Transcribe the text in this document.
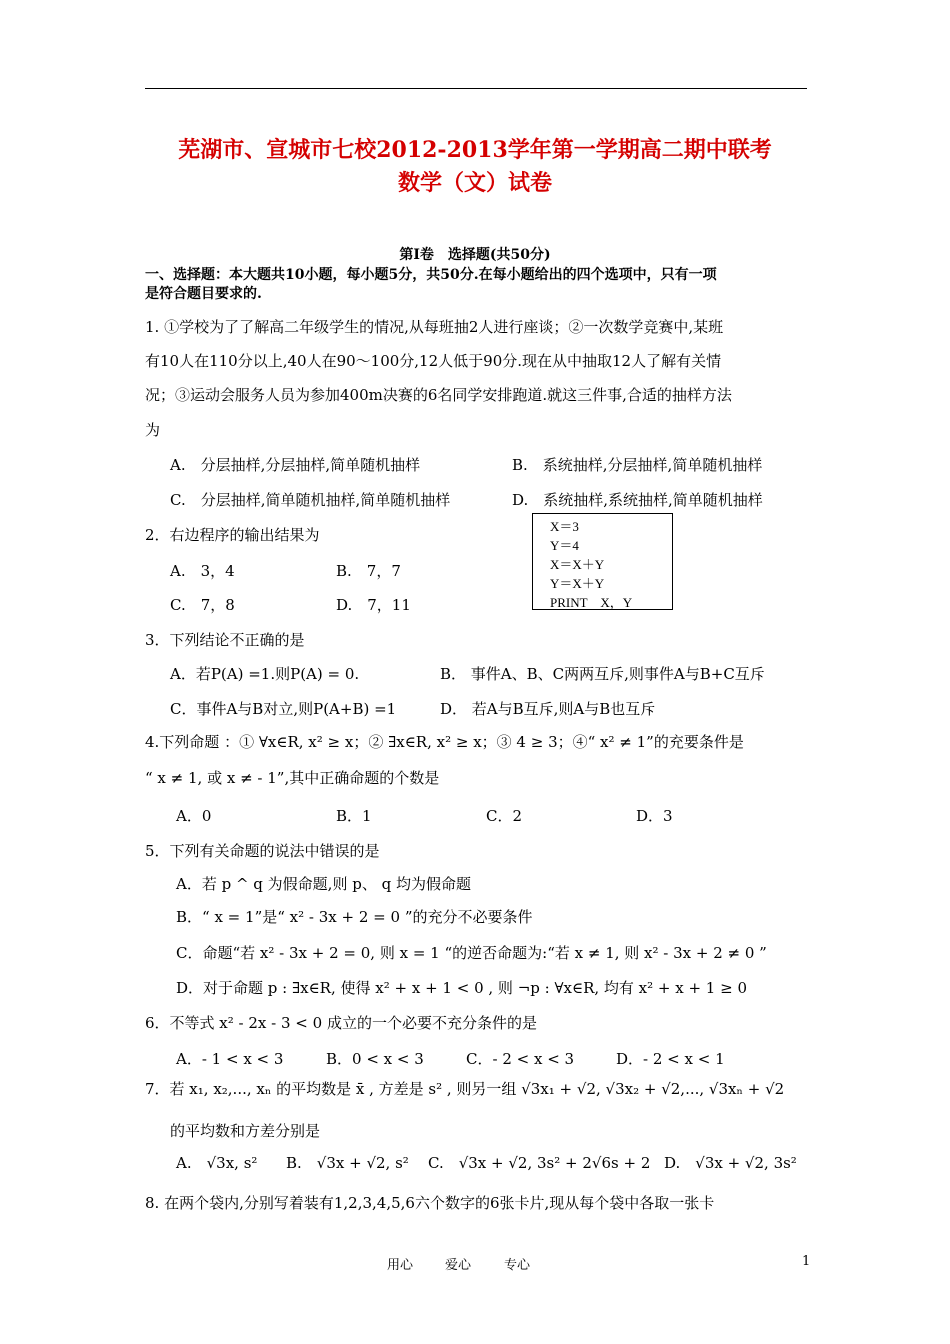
芜湖市、宣城市七校2012-2013学年第一学期高二期中联考
数学（文）试卷
第Ⅰ卷　选择题(共50分)
一、选择题：本大题共10小题，每小题5分，共50分.在每小题给出的四个选项中，只有一项
是符合题目要求的.
1. ①学校为了了解高二年级学生的情况,从每班抽2人进行座谈；②一次数学竞赛中,某班
有10人在110分以上,40人在90～100分,12人低于90分.现在从中抽取12人了解有关情
况；③运动会服务人员为参加400m决赛的6名同学安排跑道.就这三件事,合适的抽样方法
为
A.　分层抽样,分层抽样,简单随机抽样	B.　系统抽样,分层抽样,简单随机抽样
C.　分层抽样,简单随机抽样,简单随机抽样	D.　系统抽样,系统抽样,简单随机抽样
2．右边程序的输出结果为
A.　3，4	B.　7，7
C.　7，8	D.　7，11
X＝3
Y＝4
X＝X＋Y
Y＝X＋Y
PRINT　X，Y
3．下列结论不正确的是
A．若P(A) =1.则P(A) = 0.	B． 事件A、B、C两两互斥,则事件A与B+C互斥
C．事件A与B对立,则P(A+B) =1	D． 若A与B互斥,则A与B也互斥
4.下列命题 ：① ∀x∈R, x² ≥ x；② ∃x∈R, x² ≥ x；③ 4 ≥ 3；④“ x² ≠ 1”的充要条件是
“ x ≠ 1, 或 x ≠ - 1”,其中正确命题的个数是
A．0	B．1	C．2	D．3
5．下列有关命题的说法中错误的是
A．若 p ^ q 为假命题,则 p、 q 均为假命题
B．“ x = 1”是“ x² - 3x + 2 = 0 ”的充分不必要条件
C．命题“若 x² - 3x + 2 = 0, 则 x = 1 “的逆否命题为:“若 x ≠ 1, 则 x² - 3x + 2 ≠ 0 ”
D．对于命题 p : ∃x∈R, 使得 x² + x + 1 < 0 , 则 ¬p : ∀x∈R, 均有 x² + x + 1 ≥ 0
6．不等式 x² - 2x - 3 < 0 成立的一个必要不充分条件的是
A．- 1 < x < 3	B．0 < x < 3	C．- 2 < x < 3	D．- 2 < x < 1
7．若 x₁, x₂,..., xₙ 的平均数是 x̄ , 方差是 s² , 则另一组 √3x₁ + √2, √3x₂ + √2,..., √3xₙ + √2
的平均数和方差分别是
A.　√3x, s² B.　√3x + √2, s² C.　√3x + √2, 3s² + 2√6s + 2 D.　√3x + √2, 3s²
8. 在两个袋内,分别写着装有1,2,3,4,5,6六个数字的6张卡片,现从每个袋中各取一张卡
用心 爱心	专心	1
